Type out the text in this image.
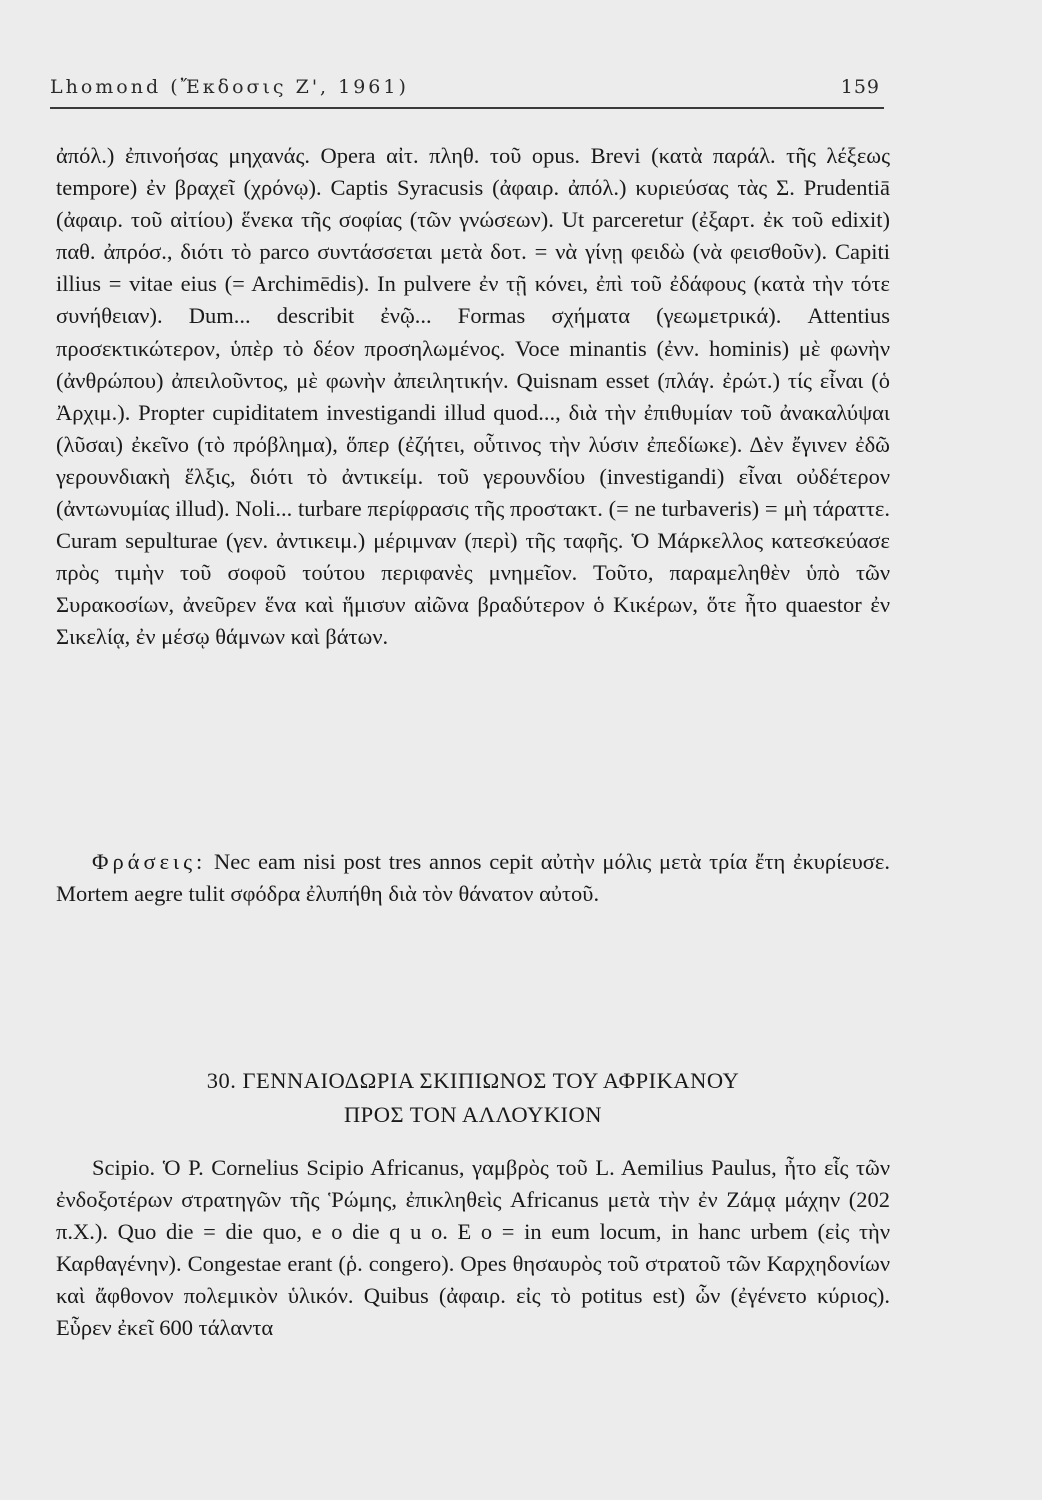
Lhomond (Ἔκδοσις Ζ', 1961)	159
ἀπόλ.) ἐπινοήσας μηχανάς. Opera αἰτ. πληθ. τοῦ opus. Brevi (κατὰ παράλ. τῆς λέξεως tempore) ἐν βραχεῖ (χρόνῳ). Captis Syracusis (ἀφαιρ. ἀπόλ.) κυριεύσας τὰς Σ. Prudentiā (ἀφαιρ. τοῦ αἰτίου) ἕνεκα τῆς σοφίας (τῶν γνώσεων). Ut parceretur (ἐξαρτ. ἐκ τοῦ edixit) παθ. ἀπρόσ., διότι τὸ parco συντάσσεται μετὰ δοτ. = νὰ γίνῃ φειδὼ (νὰ φεισθοῦν). Capiti illius = vitae eius (= Archimēdis). In pulvere ἐν τῇ κόνει, ἐπὶ τοῦ ἐδάφους (κατὰ τὴν τότε συνήθειαν). Dum... describit ἐνῷ... Formas σχήματα (γεωμετρικά). Attentius προσεκτικώτερον, ὑπὲρ τὸ δέον προσηλωμένος. Voce minantis (ἐνν. hominis) μὲ φωνὴν (ἀνθρώπου) ἀπειλοῦντος, μὲ φωνὴν ἀπειλητικήν. Quisnam esset (πλάγ. ἐρώτ.) τίς εἶναι (ὁ Ἀρχιμ.). Propter cupiditatem investigandi illud quod..., διὰ τὴν ἐπιθυμίαν τοῦ ἀνακαλύψαι (λῦσαι) ἐκεῖνο (τὸ πρόβλημα), ὅπερ (ἐζήτει, οὗτινος τὴν λύσιν ἐπεδίωκε). Δὲν ἔγινεν ἐδῶ γερουνδιακὴ ἕλξις, διότι τὸ ἀντικείμ. τοῦ γερουνδίου (investigandi) εἶναι οὐδέτερον (ἀντωνυμίας illud). Noli... turbare περίφρασις τῆς προστακτ. (= ne turbaveris) = μὴ τάραττε. Curam sepulturae (γεν. ἀντικειμ.) μέριμναν (περὶ) τῆς ταφῆς. Ὁ Μάρκελλος κατεσκεύασε πρὸς τιμὴν τοῦ σοφοῦ τούτου περιφανὲς μνημεῖον. Τοῦτο, παραμεληθὲν ὑπὸ τῶν Συρακοσίων, ἀνεῦρεν ἕνα καὶ ἥμισυν αἰῶνα βραδύτερον ὁ Κικέρων, ὅτε ἦτο quaestor ἐν Σικελίᾳ, ἐν μέσῳ θάμνων καὶ βάτων.
Φράσεις: Nec eam nisi post tres annos cepit αὐτὴν μόλις μετὰ τρία ἔτη ἐκυρίευσε. Mortem aegre tulit σφόδρα ἐλυπήθη διὰ τὸν θάνατον αὐτοῦ.
30. ΓΕΝΝΑΙΟΔΩΡΙΑ ΣΚΙΠΙΩΝΟΣ ΤΟΥ ΑΦΡΙΚΑΝΟΥ
ΠΡΟΣ ΤΟΝ ΑΛΛΟΥΚΙΟΝ
Scipio. Ὁ P. Cornelius Scipio Africanus, γαμβρὸς τοῦ L. Aemilius Paulus, ἦτο εἷς τῶν ἐνδοξοτέρων στρατηγῶν τῆς Ῥώμης, ἐπικληθεὶς Africanus μετὰ τὴν ἐν Ζάμᾳ μάχην (202 π.Χ.). Quo die = die quo, e o die q u o. E o = in eum locum, in hanc urbem (εἰς τὴν Καρθαγένην). Congestae erant (ῥ. congero). Opes θησαυρὸς τοῦ στρατοῦ τῶν Καρχηδονίων καὶ ἄφθονον πολεμικὸν ὑλικόν. Quibus (ἀφαιρ. εἰς τὸ potitus est) ὧν (ἐγένετο κύριος). Εὗρεν ἐκεῖ 600 τάλαντα
